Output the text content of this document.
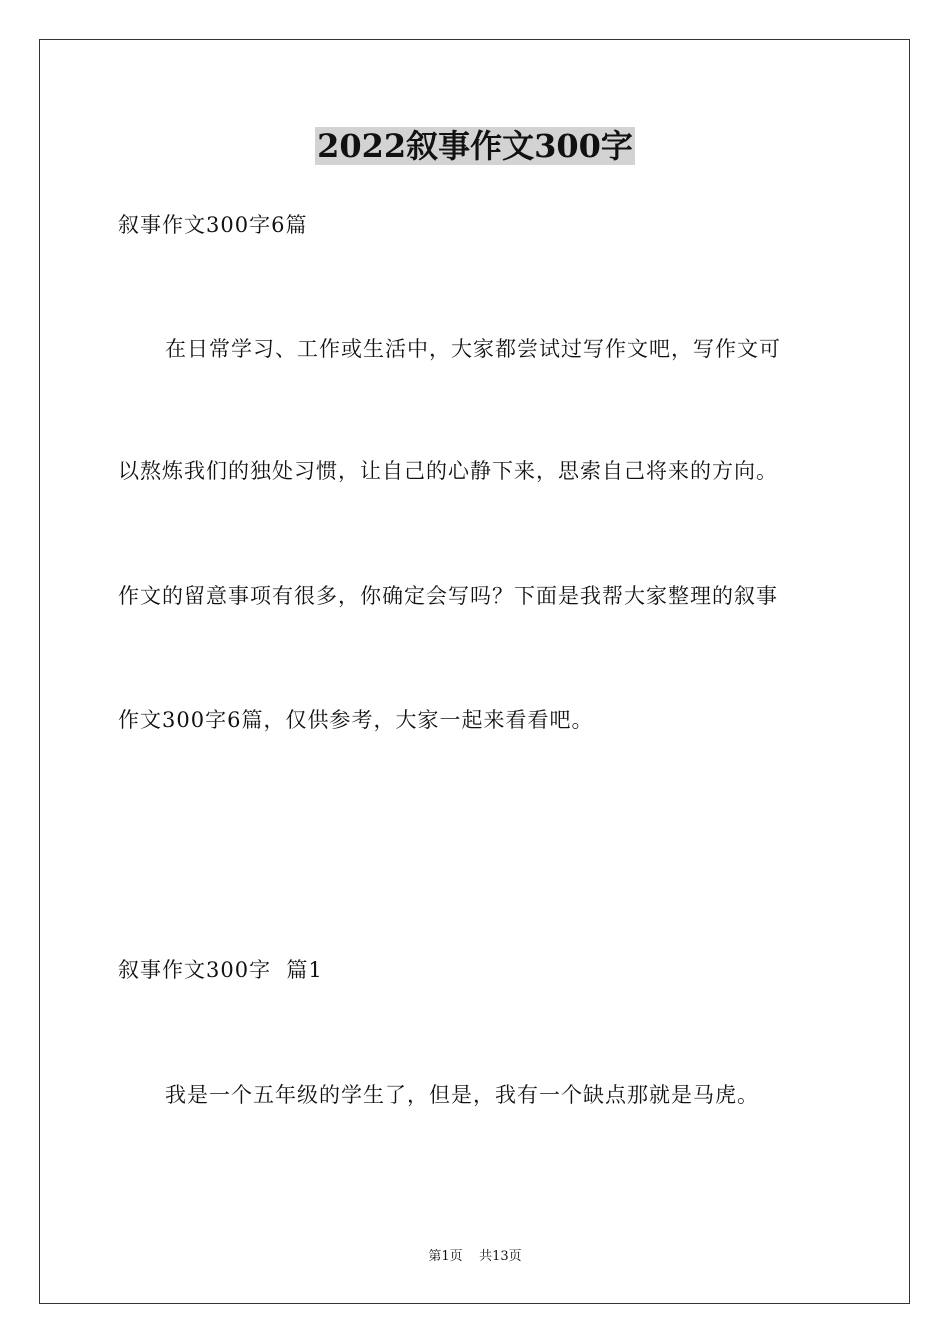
2022叙事作文300字
叙事作文300字6篇
在日常学习、工作或生活中，大家都尝试过写作文吧，写作文可
以熬炼我们的独处习惯，让自己的心静下来，思索自己将来的方向。
作文的留意事项有很多，你确定会写吗？下面是我帮大家整理的叙事
作文300字6篇，仅供参考，大家一起来看看吧。
叙事作文300字  篇1
我是一个五年级的学生了，但是，我有一个缺点那就是马虎。
第1页    共13页
